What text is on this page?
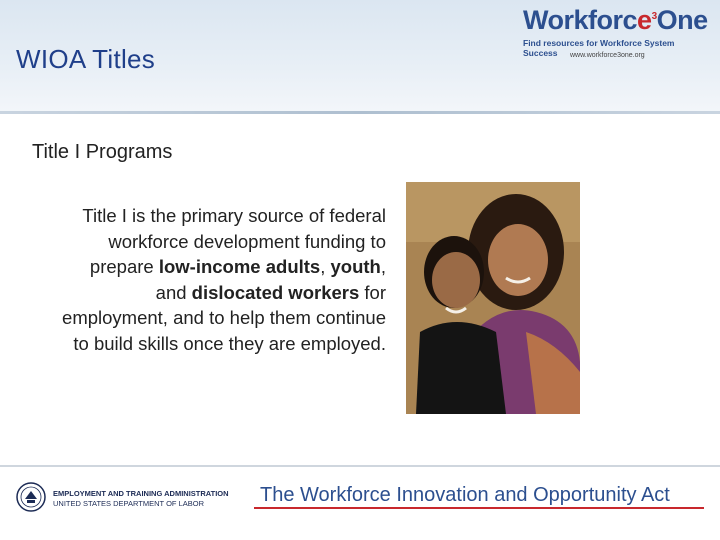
WIOA Titles
Workforce$^3$One
Find resources for Workforce System Success	www.workforce3one.org
Title I Programs
Title I is the primary source of federal workforce development funding to prepare low-income adults, youth, and dislocated workers for employment, and to help them continue to build skills once they are employed.
EMPLOYMENT AND TRAINING ADMINISTRATION
UNITED STATES DEPARTMENT OF LABOR	The Workforce Innovation and Opportunity Act
